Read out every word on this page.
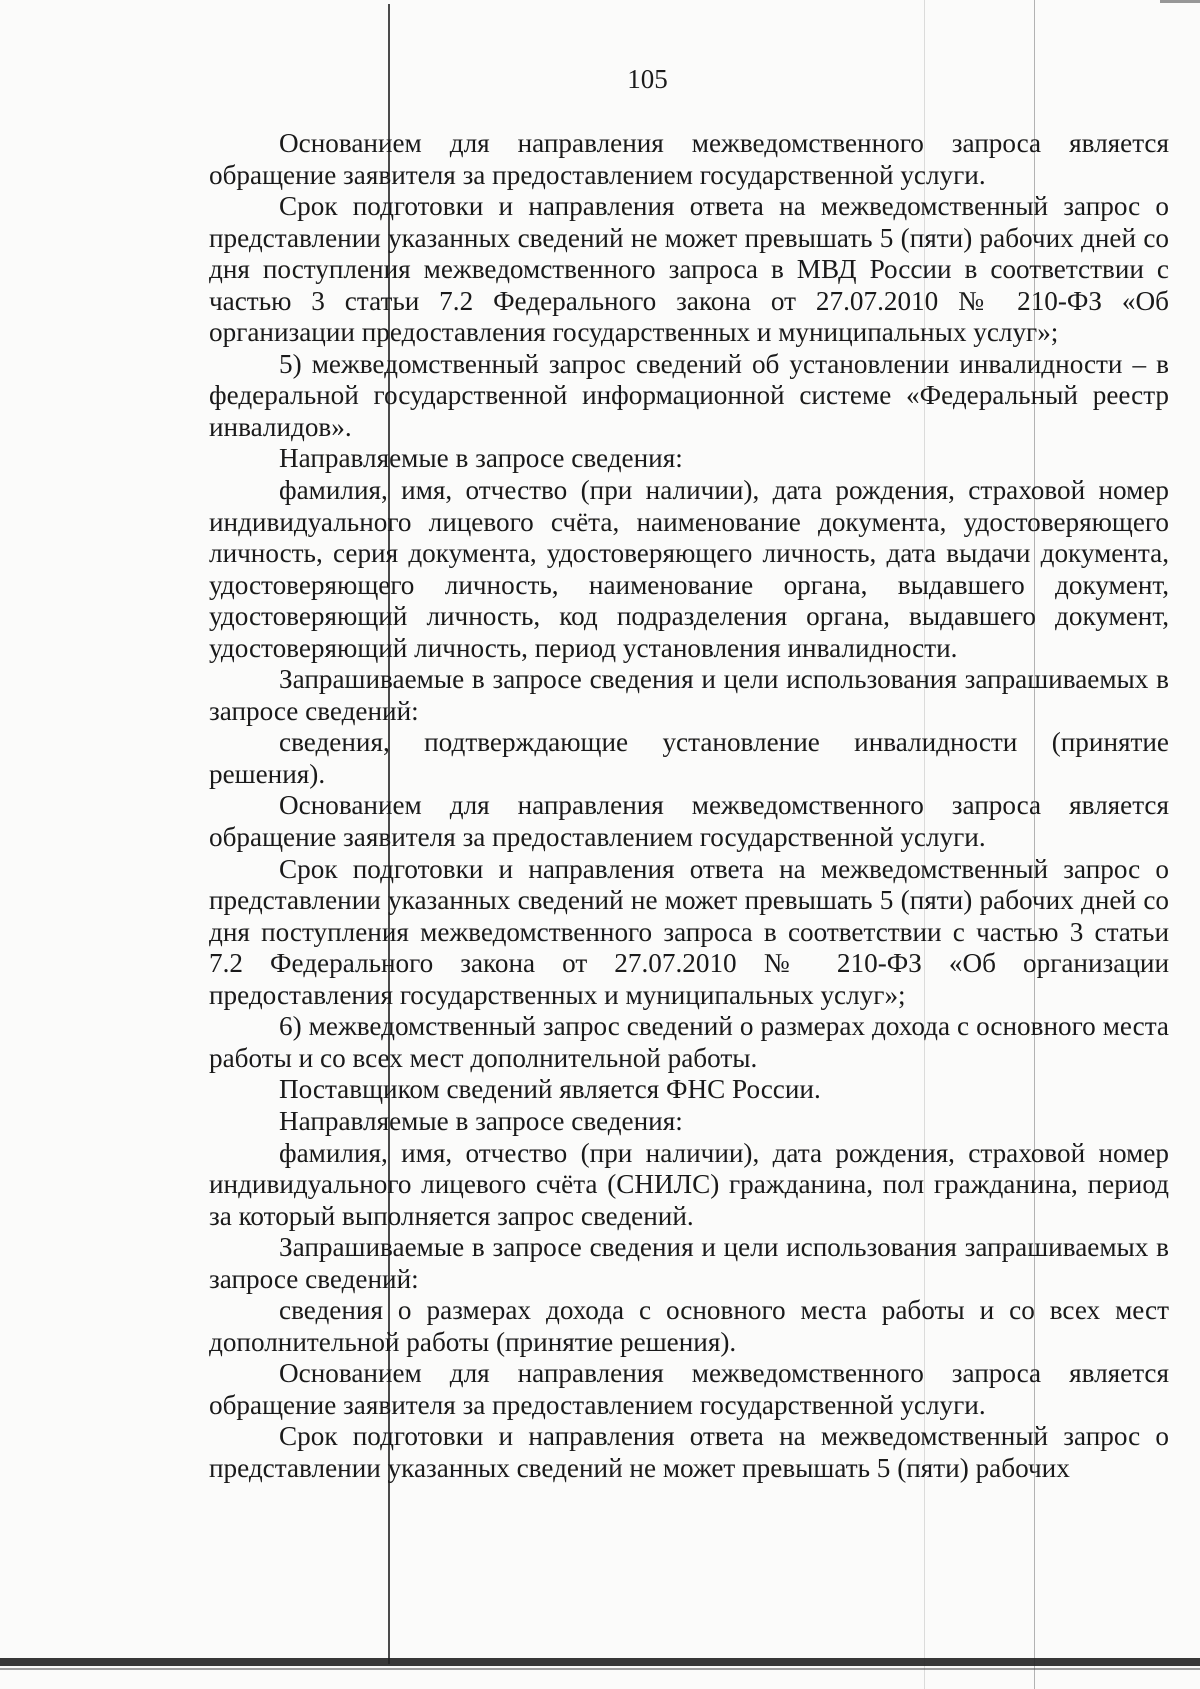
105

Основанием для направления межведомственного запроса является обращение заявителя за предоставлением государственной услуги.

Срок подготовки и направления ответа на межведомственный запрос о представлении указанных сведений не может превышать 5 (пяти) рабочих дней со дня поступления межведомственного запроса в МВД России в соответствии с частью 3 статьи 7.2 Федерального закона от 27.07.2010 № 210-ФЗ «Об организации предоставления государственных и муниципальных услуг»;

5) межведомственный запрос сведений об установлении инвалидности – в федеральной государственной информационной системе «Федеральный реестр инвалидов».

Направляемые в запросе сведения:

фамилия, имя, отчество (при наличии), дата рождения, страховой номер индивидуального лицевого счёта, наименование документа, удостоверяющего личность, серия документа, удостоверяющего личность, дата выдачи документа, удостоверяющего личность, наименование органа, выдавшего документ, удостоверяющий личность, код подразделения органа, выдавшего документ, удостоверяющий личность, период установления инвалидности.

Запрашиваемые в запросе сведения и цели использования запрашиваемых в запросе сведений:

сведения, подтверждающие установление инвалидности (принятие решения).

Основанием для направления межведомственного запроса является обращение заявителя за предоставлением государственной услуги.

Срок подготовки и направления ответа на межведомственный запрос о представлении указанных сведений не может превышать 5 (пяти) рабочих дней со дня поступления межведомственного запроса в соответствии с частью 3 статьи 7.2 Федерального закона от 27.07.2010 № 210-ФЗ «Об организации предоставления государственных и муниципальных услуг»;

6) межведомственный запрос сведений о размерах дохода с основного места работы и со всех мест дополнительной работы.

Поставщиком сведений является ФНС России.

Направляемые в запросе сведения:

фамилия, имя, отчество (при наличии), дата рождения, страховой номер индивидуального лицевого счёта (СНИЛС) гражданина, пол гражданина, период за который выполняется запрос сведений.

Запрашиваемые в запросе сведения и цели использования запрашиваемых в запросе сведений:

сведения о размерах дохода с основного места работы и со всех мест дополнительной работы (принятие решения).

Основанием для направления межведомственного запроса является обращение заявителя за предоставлением государственной услуги.

Срок подготовки и направления ответа на межведомственный запрос о представлении указанных сведений не может превышать 5 (пяти) рабочих
